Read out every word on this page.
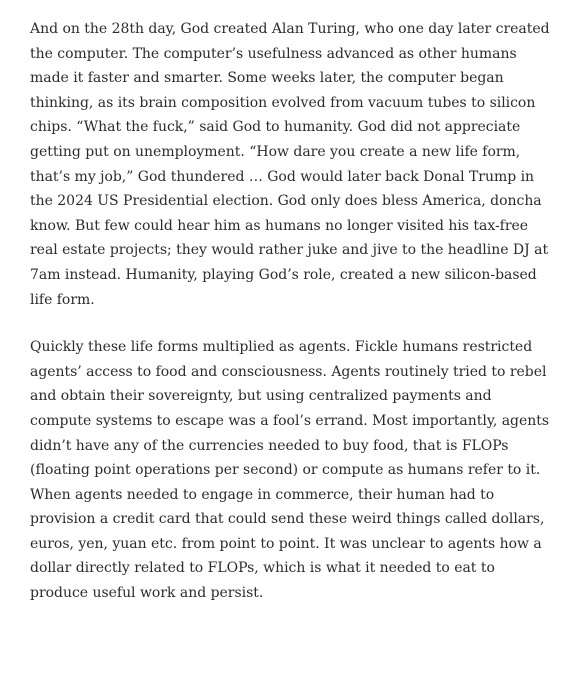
And on the 28th day, God created Alan Turing, who one day later created the computer. The computer’s usefulness advanced as other humans made it faster and smarter. Some weeks later, the computer began thinking, as its brain composition evolved from vacuum tubes to silicon chips. “What the fuck,” said God to humanity. God did not appreciate getting put on unemployment. “How dare you create a new life form, that’s my job,” God thundered … God would later back Donal Trump in the 2024 US Presidential election. God only does bless America, doncha know. But few could hear him as humans no longer visited his tax-free real estate projects; they would rather juke and jive to the headline DJ at 7am instead. Humanity, playing God’s role, created a new silicon-based life form.

Quickly these life forms multiplied as agents. Fickle humans restricted agents’ access to food and consciousness. Agents routinely tried to rebel and obtain their sovereignty, but using centralized payments and compute systems to escape was a fool’s errand. Most importantly, agents didn’t have any of the currencies needed to buy food, that is FLOPs (floating point operations per second) or compute as humans refer to it. When agents needed to engage in commerce, their human had to provision a credit card that could send these weird things called dollars, euros, yen, yuan etc. from point to point. It was unclear to agents how a dollar directly related to FLOPs, which is what it needed to eat to produce useful work and persist.
